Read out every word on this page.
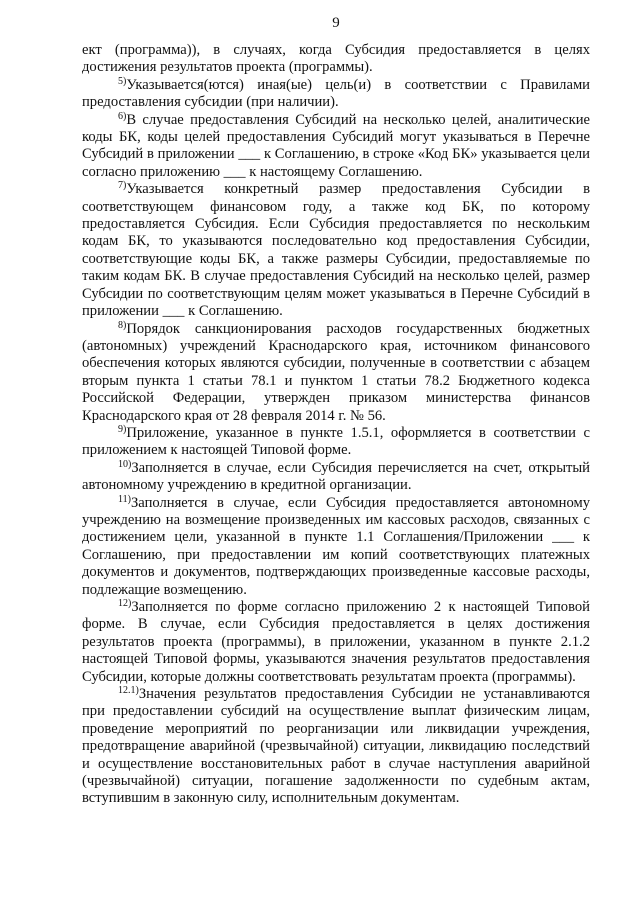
9

ект (программа)), в случаях, когда Субсидия предоставляется в целях достижения результатов проекта (программы).

$^{5)}$Указывается(ются) иная(ые) цель(и) в соответствии с Правилами предоставления субсидии (при наличии).

$^{6)}$В случае предоставления Субсидий на несколько целей, аналитические коды БК, коды целей предоставления Субсидий могут указываться в Перечне Субсидий в приложении ___ к Соглашению, в строке «Код БК» указывается цели согласно приложению ___ к настоящему Соглашению.

$^{7)}$Указывается конкретный размер предоставления Субсидии в соответствующем финансовом году, а также код БК, по которому предоставляется Субсидия. Если Субсидия предоставляется по нескольким кодам БК, то указываются последовательно код предоставления Субсидии, соответствующие коды БК, а также размеры Субсидии, предоставляемые по таким кодам БК. В случае предоставления Субсидий на несколько целей, размер Субсидии по соответствующим целям может указываться в Перечне Субсидий в приложении ___ к Соглашению.

$^{8)}$Порядок санкционирования расходов государственных бюджетных (автономных) учреждений Краснодарского края, источником финансового обеспечения которых являются субсидии, полученные в соответствии с абзацем вторым пункта 1 статьи 78.1 и пунктом 1 статьи 78.2 Бюджетного кодекса Российской Федерации, утвержден приказом министерства финансов Краснодарского края от 28 февраля 2014 г. № 56.

$^{9)}$Приложение, указанное в пункте 1.5.1, оформляется в соответствии с приложением к настоящей Типовой форме.

$^{10)}$Заполняется в случае, если Субсидия перечисляется на счет, открытый автономному учреждению в кредитной организации.

$^{11)}$Заполняется в случае, если Субсидия предоставляется автономному учреждению на возмещение произведенных им кассовых расходов, связанных с достижением цели, указанной в пункте 1.1 Соглашения/Приложении ___ к Соглашению, при предоставлении им копий соответствующих платежных документов и документов, подтверждающих произведенные кассовые расходы, подлежащие возмещению.

$^{12)}$Заполняется по форме согласно приложению 2 к настоящей Типовой форме. В случае, если Субсидия предоставляется в целях достижения результатов проекта (программы), в приложении, указанном в пункте 2.1.2 настоящей Типовой формы, указываются значения результатов предоставления Субсидии, которые должны соответствовать результатам проекта (программы).

$^{12.1)}$Значения результатов предоставления Субсидии не устанавливаются при предоставлении субсидий на осуществление выплат физическим лицам, проведение мероприятий по реорганизации или ликвидации учреждения, предотвращение аварийной (чрезвычайной) ситуации, ликвидацию последствий и осуществление восстановительных работ в случае наступления аварийной (чрезвычайной) ситуации, погашение задолженности по судебным актам, вступившим в законную силу, исполнительным документам.
